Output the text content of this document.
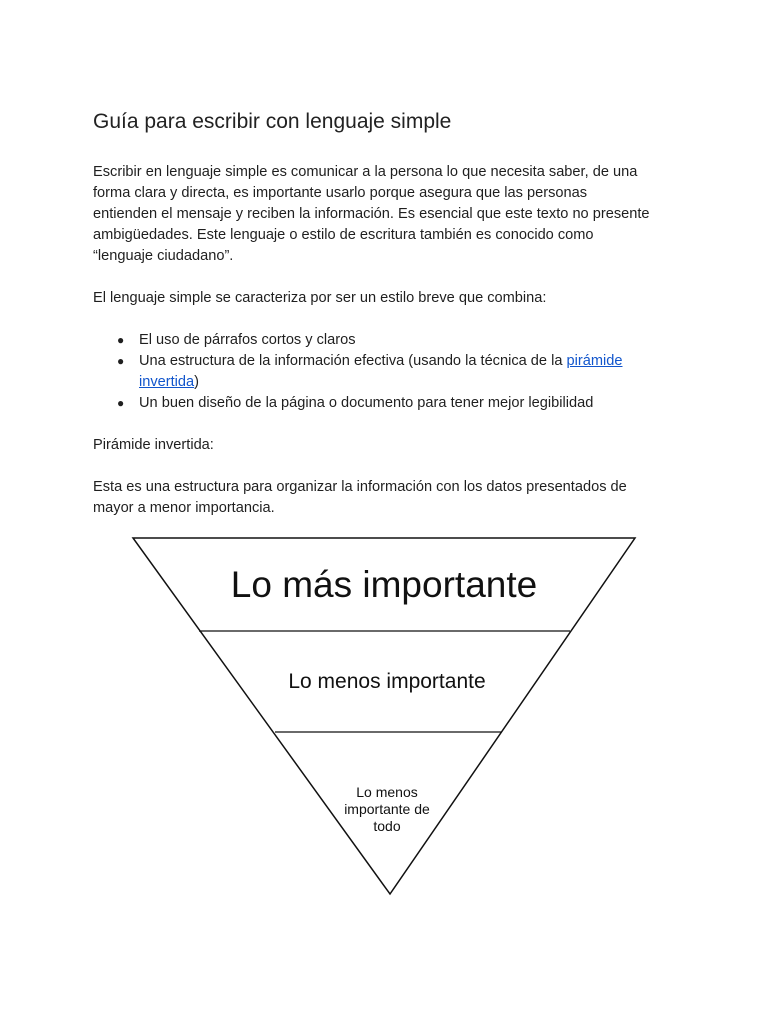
Guía para escribir con lenguaje simple

Escribir en lenguaje simple es comunicar a la persona lo que necesita saber, de una forma clara y directa, es importante usarlo porque asegura que las personas entienden el mensaje y reciben la información. Es esencial que este texto no presente ambigüedades. Este lenguaje o estilo de escritura también es conocido como “lenguaje ciudadano”.

El lenguaje simple se caracteriza por ser un estilo breve que combina:

● El uso de párrafos cortos y claros
● Una estructura de la información efectiva (usando la técnica de la pirámide invertida)
● Un buen diseño de la página o documento para tener mejor legibilidad

Pirámide invertida:

Esta es una estructura para organizar la información con los datos presentados de mayor a menor importancia.

Lo más importante
Lo menos importante
Lo menos
importante de
todo
